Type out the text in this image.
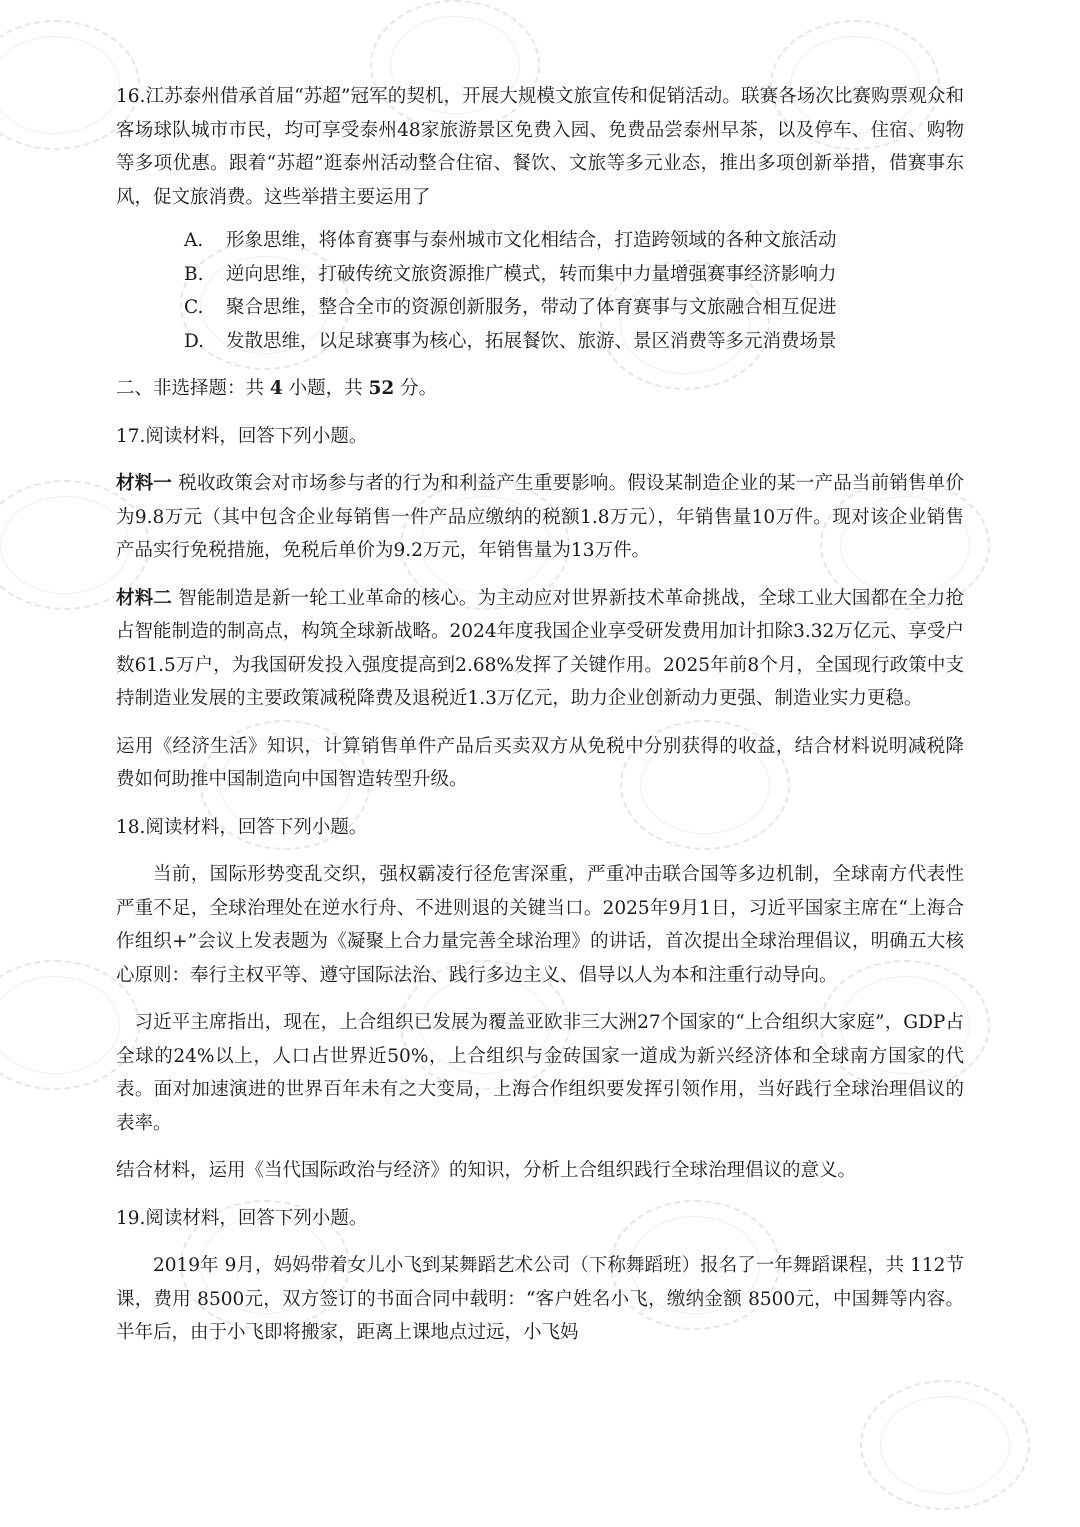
16.江苏泰州借承首届“苏超”冠军的契机，开展大规模文旅宣传和促销活动。联赛各场次比赛购票观众和客场球队城市市民，均可享受泰州48家旅游景区免费入园、免费品尝泰州早茶，以及停车、住宿、购物等多项优惠。跟着“苏超”逛泰州活动整合住宿、餐饮、文旅等多元业态，推出多项创新举措，借赛事东风，促文旅消费。这些举措主要运用了

A.	形象思维，将体育赛事与泰州城市文化相结合，打造跨领域的各种文旅活动
B.	逆向思维，打破传统文旅资源推广模式，转而集中力量增强赛事经济影响力
C.	聚合思维，整合全市的资源创新服务，带动了体育赛事与文旅融合相互促进
D.	发散思维，以足球赛事为核心，拓展餐饮、旅游、景区消费等多元消费场景

二、非选择题：共 4 小题，共 52 分。

17.阅读材料，回答下列小题。

材料一 税收政策会对市场参与者的行为和利益产生重要影响。假设某制造企业的某一产品当前销售单价为9.8万元（其中包含企业每销售一件产品应缴纳的税额1.8万元），年销售量10万件。现对该企业销售产品实行免税措施，免税后单价为9.2万元，年销售量为13万件。

材料二 智能制造是新一轮工业革命的核心。为主动应对世界新技术革命挑战，全球工业大国都在全力抢占智能制造的制高点，构筑全球新战略。2024年度我国企业享受研发费用加计扣除3.32万亿元、享受户数61.5万户，为我国研发投入强度提高到2.68%发挥了关键作用。2025年前8个月，全国现行政策中支持制造业发展的主要政策减税降费及退税近1.3万亿元，助力企业创新动力更强、制造业实力更稳。

运用《经济生活》知识，计算销售单件产品后买卖双方从免税中分别获得的收益，结合材料说明减税降费如何助推中国制造向中国智造转型升级。

18.阅读材料，回答下列小题。

当前，国际形势变乱交织，强权霸凌行径危害深重，严重冲击联合国等多边机制，全球南方代表性严重不足，全球治理处在逆水行舟、不进则退的关键当口。2025年9月1日，习近平国家主席在“上海合作组织+”会议上发表题为《凝聚上合力量完善全球治理》的讲话，首次提出全球治理倡议，明确五大核心原则：奉行主权平等、遵守国际法治、践行多边主义、倡导以人为本和注重行动导向。

习近平主席指出，现在，上合组织已发展为覆盖亚欧非三大洲27个国家的“上合组织大家庭”，GDP占全球的24%以上，人口占世界近50%，上合组织与金砖国家一道成为新兴经济体和全球南方国家的代表。面对加速演进的世界百年未有之大变局，上海合作组织要发挥引领作用，当好践行全球治理倡议的表率。

结合材料，运用《当代国际政治与经济》的知识，分析上合组织践行全球治理倡议的意义。

19.阅读材料，回答下列小题。

2019年 9月，妈妈带着女儿小飞到某舞蹈艺术公司（下称舞蹈班）报名了一年舞蹈课程，共 112节课，费用 8500元，双方签订的书面合同中载明：“客户姓名小飞，缴纳金额 8500元，中国舞等内容。半年后，由于小飞即将搬家，距离上课地点过远，小飞妈
